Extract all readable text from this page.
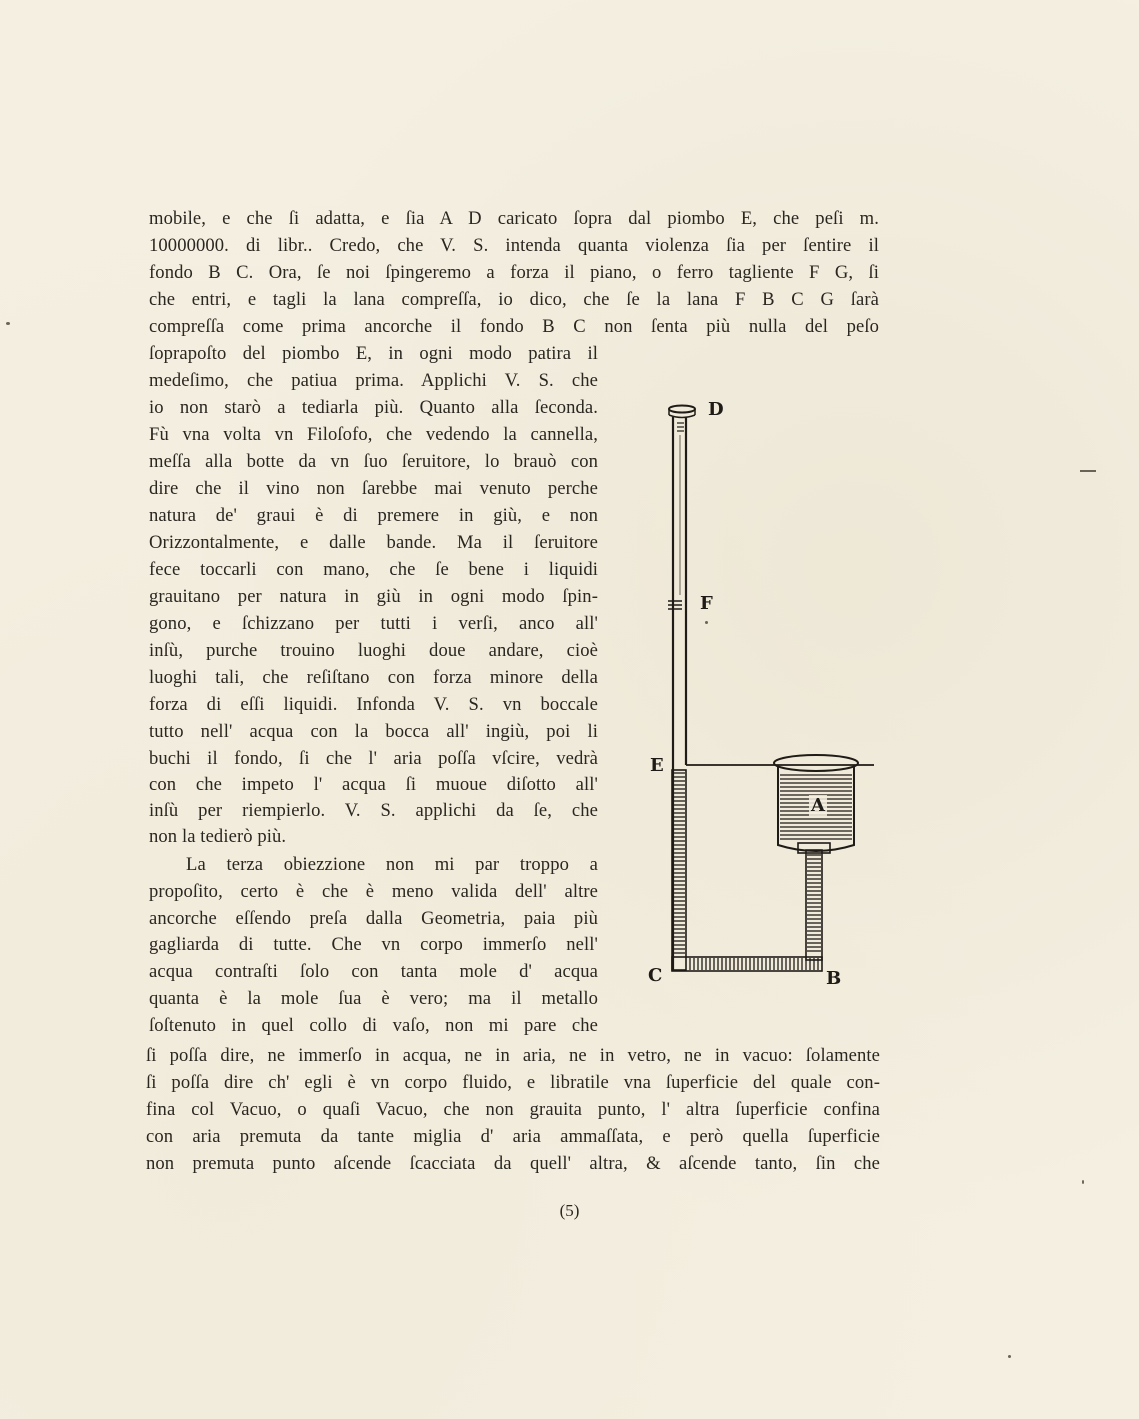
mobile, e che ſi adatta, e ſia A D caricato ſopra dal piombo E, che peſi m.
10000000. di libr.. Credo, che V. S. intenda quanta violenza ſia per ſentire il
fondo B C. Ora, ſe noi ſpingeremo a forza il piano, o ferro tagliente F G, ſi
che entri, e tagli la lana compreſſa, io dico, che ſe la lana F B C G ſarà
compreſſa come prima ancorche il fondo B C non ſenta più nulla del peſo
ſoprapoſto del piombo E, in ogni modo patira il
medeſimo, che patiua prima. Applichi V. S. che
io non starò a tediarla più. Quanto alla ſeconda.
Fù vna volta vn Filoſofo, che vedendo la cannella,
meſſa alla botte da vn ſuo ſeruitore, lo brauò con
dire che il vino non ſarebbe mai venuto perche
natura de' graui è di premere in giù, e non
Orizzontalmente, e dalle bande. Ma il ſeruitore
fece toccarli con mano, che ſe bene i liquidi
grauitano per natura in giù in ogni modo ſpin-
gono, e ſchizzano per tutti i verſi, anco all'
inſù, purche trouino luoghi doue andare, cioè
luoghi tali, che reſiſtano con forza minore della
forza di eſſi liquidi. Infonda V. S. vn boccale
tutto nell' acqua con la bocca all' ingiù, poi li
buchi il fondo, ſi che l' aria poſſa vſcire, vedrà
con che impeto l' acqua ſi muoue diſotto all'
inſù per riempierlo. V. S. applichi da ſe, che
non la tedierò più.
La terza obiezzione non mi par troppo a
propoſito, certo è che è meno valida dell' altre
ancorche eſſendo preſa dalla Geometria, paia più
gagliarda di tutte. Che vn corpo immerſo nell'
acqua contraſti ſolo con tanta mole d' acqua
quanta è la mole ſua è vero; ma il metallo
ſoſtenuto in quel collo di vaſo, non mi pare che
ſi poſſa dire, ne immerſo in acqua, ne in aria, ne in vetro, ne in vacuo: ſolamente
ſi poſſa dire ch' egli è vn corpo fluido, e libratile vna ſuperficie del quale con-
fina col Vacuo, o quaſi Vacuo, che non grauita punto, l' altra ſuperficie confina
con aria premuta da tante miglia d' aria ammaſſata, e però quella ſuperficie
non premuta punto aſcende ſcacciata da quell' altra, & aſcende tanto, ſin che
D
F
E
A
C	B
(5)
